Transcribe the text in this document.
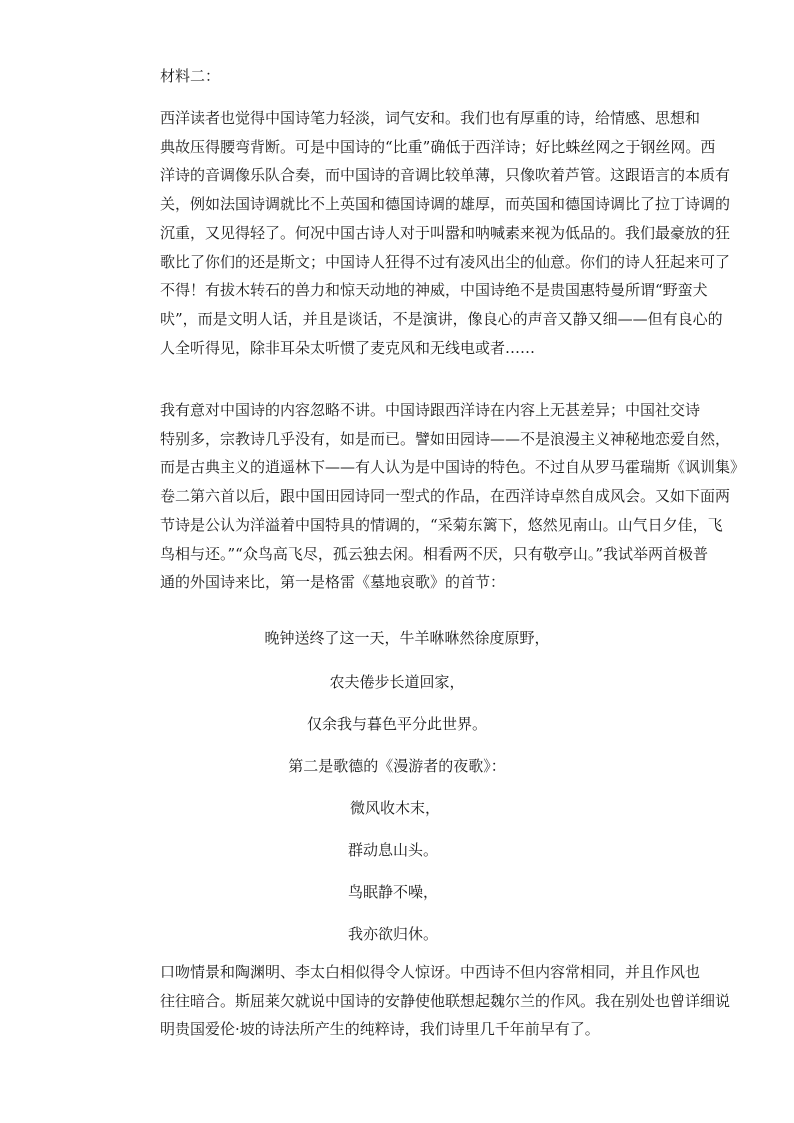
材料二：
西洋读者也觉得中国诗笔力轻淡，词气安和。我们也有厚重的诗，给情感、思想和
典故压得腰弯背断。可是中国诗的“比重”确低于西洋诗；好比蛛丝网之于钢丝网。西
洋诗的音调像乐队合奏，而中国诗的音调比较单薄，只像吹着芦管。这跟语言的本质有
关，例如法国诗调就比不上英国和德国诗调的雄厚，而英国和德国诗调比了拉丁诗调的
沉重，又见得轻了。何况中国古诗人对于叫嚣和呐喊素来视为低品的。我们最豪放的狂
歌比了你们的还是斯文；中国诗人狂得不过有凌风出尘的仙意。你们的诗人狂起来可了
不得！有拔木转石的兽力和惊天动地的神威，中国诗绝不是贵国惠特曼所谓“野蛮犬
吠”，而是文明人话，并且是谈话，不是演讲，像良心的声音又静又细——但有良心的
人全听得见，除非耳朵太听惯了麦克风和无线电或者……
我有意对中国诗的内容忽略不讲。中国诗跟西洋诗在内容上无甚差异；中国社交诗
特别多，宗教诗几乎没有，如是而已。譬如田园诗——不是浪漫主义神秘地恋爱自然，
而是古典主义的逍遥林下——有人认为是中国诗的特色。不过自从罗马霍瑞斯《讽训集》
卷二第六首以后，跟中国田园诗同一型式的作品，在西洋诗卓然自成风会。又如下面两
节诗是公认为洋溢着中国特具的情调的，“采菊东篱下，悠然见南山。山气日夕佳，飞
鸟相与还。”“众鸟高飞尽，孤云独去闲。相看两不厌，只有敬亭山。”我试举两首极普
通的外国诗来比，第一是格雷《墓地哀歌》的首节：
晚钟送终了这一天，牛羊咻咻然徐度原野，
农夫倦步长道回家，
仅余我与暮色平分此世界。
第二是歌德的《漫游者的夜歌》：
微风收木末，
群动息山头。
鸟眠静不噪，
我亦欲归休。
口吻情景和陶渊明、李太白相似得令人惊讶。中西诗不但内容常相同，并且作风也
往往暗合。斯屈莱欠就说中国诗的安静使他联想起魏尔兰的作风。我在别处也曾详细说
明贵国爱伦·坡的诗法所产生的纯粹诗，我们诗里几千年前早有了。
